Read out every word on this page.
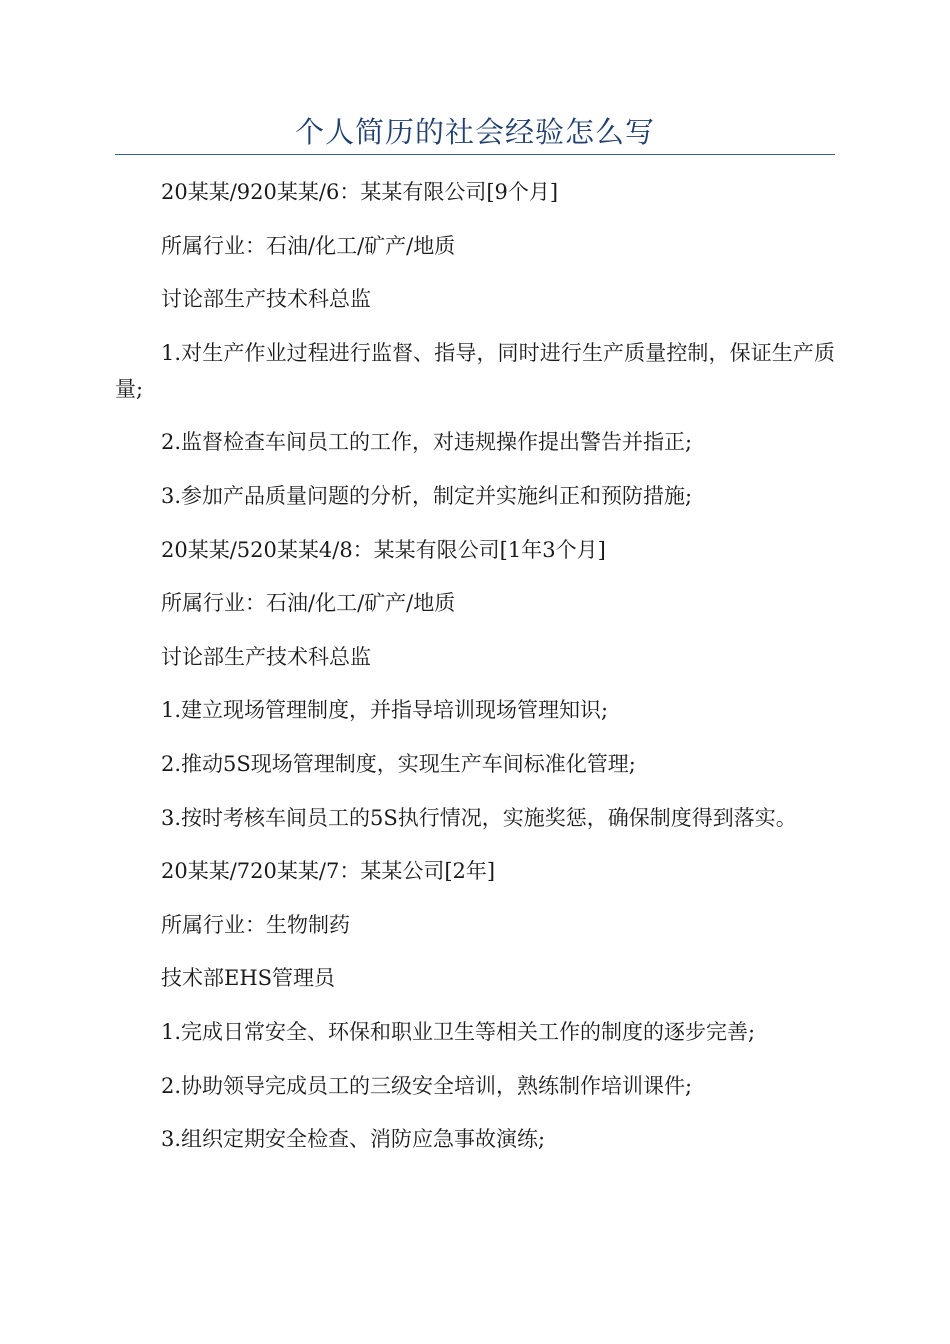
个人简历的社会经验怎么写

20某某/920某某/6：某某有限公司[9个月]

所属行业：石油/化工/矿产/地质

讨论部生产技术科总监

1.对生产作业过程进行监督、指导，同时进行生产质量控制，保证生产质量;

2.监督检查车间员工的工作，对违规操作提出警告并指正;

3.参加产品质量问题的分析，制定并实施纠正和预防措施;

20某某/520某某4/8：某某有限公司[1年3个月]

所属行业：石油/化工/矿产/地质

讨论部生产技术科总监

1.建立现场管理制度，并指导培训现场管理知识;

2.推动5S现场管理制度，实现生产车间标准化管理;

3.按时考核车间员工的5S执行情况，实施奖惩，确保制度得到落实。

20某某/720某某/7：某某公司[2年]

所属行业：生物制药

技术部EHS管理员

1.完成日常安全、环保和职业卫生等相关工作的制度的逐步完善;

2.协助领导完成员工的三级安全培训，熟练制作培训课件;

3.组织定期安全检查、消防应急事故演练;
